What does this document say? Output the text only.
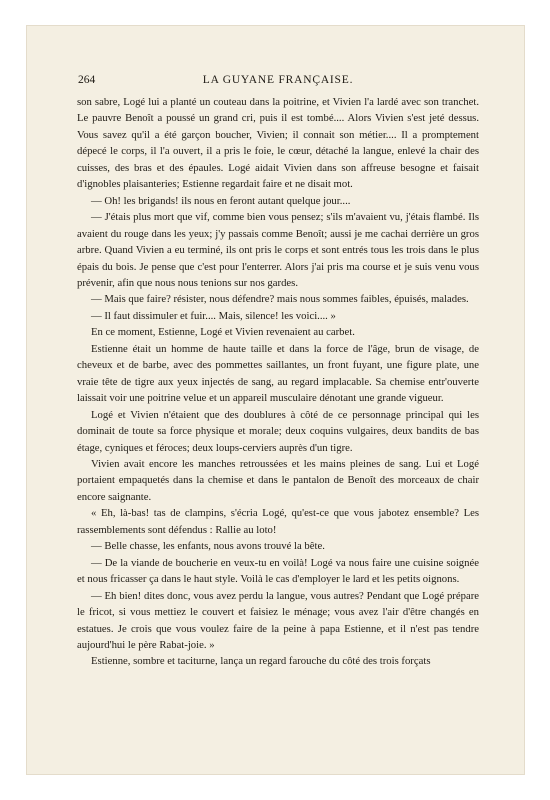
264	LA GUYANE FRANÇAISE.

son sabre, Logé lui a planté un couteau dans la poitrine, et Vivien l'a lardé avec son tranchet. Le pauvre Benoît a poussé un grand cri, puis il est tombé.... Alors Vivien s'est jeté dessus. Vous savez qu'il a été garçon boucher, Vivien; il connait son métier.... Il a promptement dépecé le corps, il l'a ouvert, il a pris le foie, le cœur, détaché la langue, enlevé la chair des cuisses, des bras et des épaules. Logé aidait Vivien dans son affreuse besogne et faisait d'ignobles plaisanteries; Estienne regardait faire et ne disait mot.

— Oh! les brigands! ils nous en feront autant quelque jour....

— J'étais plus mort que vif, comme bien vous pensez; s'ils m'avaient vu, j'étais flambé. Ils avaient du rouge dans les yeux; j'y passais comme Benoît; aussi je me cachai derrière un gros arbre. Quand Vivien a eu terminé, ils ont pris le corps et sont entrés tous les trois dans le plus épais du bois. Je pense que c'est pour l'enterrer. Alors j'ai pris ma course et je suis venu vous prévenir, afin que nous nous tenions sur nos gardes.

— Mais que faire? résister, nous défendre? mais nous sommes faibles, épuisés, malades.

— Il faut dissimuler et fuir.... Mais, silence! les voici.... »

En ce moment, Estienne, Logé et Vivien revenaient au carbet.

Estienne était un homme de haute taille et dans la force de l'âge, brun de visage, de cheveux et de barbe, avec des pommettes saillantes, un front fuyant, une figure plate, une vraie tête de tigre aux yeux injectés de sang, au regard implacable. Sa chemise entr'ouverte laissait voir une poitrine velue et un appareil musculaire dénotant une grande vigueur.

Logé et Vivien n'étaient que des doublures à côté de ce personnage principal qui les dominait de toute sa force physique et morale; deux coquins vulgaires, deux bandits de bas étage, cyniques et féroces; deux loups-cerviers auprès d'un tigre.

Vivien avait encore les manches retroussées et les mains pleines de sang. Lui et Logé portaient empaquetés dans la chemise et dans le pantalon de Benoît des morceaux de chair encore saignante.

« Eh, là-bas! tas de clampins, s'écria Logé, qu'est-ce que vous jabotez ensemble? Les rassemblements sont défendus : Rallie au loto!

— Belle chasse, les enfants, nous avons trouvé la bête.

— De la viande de boucherie en veux-tu en voilà! Logé va nous faire une cuisine soignée et nous fricasser ça dans le haut style. Voilà le cas d'employer le lard et les petits oignons.

— Eh bien! dites donc, vous avez perdu la langue, vous autres? Pendant que Logé prépare le fricot, si vous mettiez le couvert et faisiez le ménage; vous avez l'air d'être changés en estatues. Je crois que vous voulez faire de la peine à papa Estienne, et il n'est pas tendre aujourd'hui le père Rabat-joie. »

Estienne, sombre et taciturne, lança un regard farouche du côté des trois forçats
